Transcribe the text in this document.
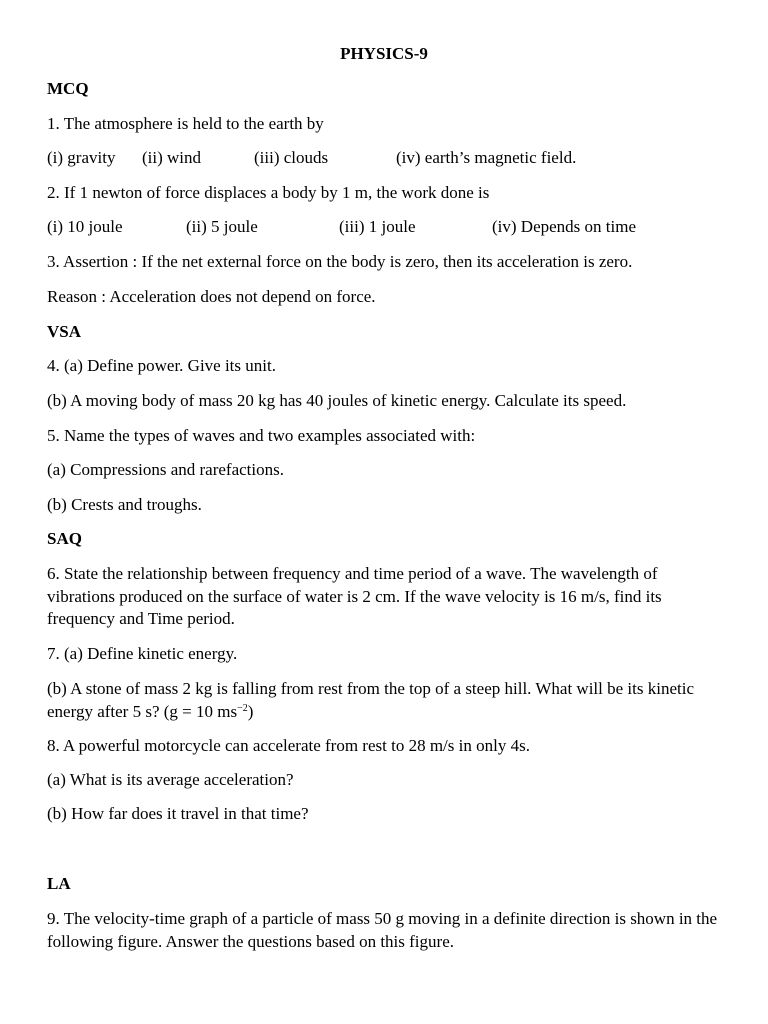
PHYSICS-9
MCQ
1. The atmosphere is held to the earth by
(i) gravity (ii) wind	(iii) clouds	(iv) earth’s magnetic field.
2. If 1 newton of force displaces a body by 1 m, the work done is
(i) 10 joule	(ii) 5 joule	(iii) 1 joule	(iv) Depends on time
3. Assertion : If the net external force on the body is zero, then its acceleration is zero.
Reason : Acceleration does not depend on force.
VSA
4. (a) Define power. Give its unit.
(b) A moving body of mass 20 kg has 40 joules of kinetic energy. Calculate its speed.
5. Name the types of waves and two examples associated with:
(a) Compressions and rarefactions.
(b) Crests and troughs.
SAQ
6. State the relationship between frequency and time period of a wave. The wavelength of vibrations produced on the surface of water is 2 cm. If the wave velocity is 16 m/s, find its frequency and Time period.
7. (a) Define kinetic energy.
(b) A stone of mass 2 kg is falling from rest from the top of a steep hill. What will be its kinetic energy after 5 s? (g = 10 $ms^{-2}$)
8. A powerful motorcycle can accelerate from rest to 28 m/s in only 4s.
(a) What is its average acceleration?
(b) How far does it travel in that time?
LA
9. The velocity-time graph of a particle of mass 50 g moving in a definite direction is shown in the following figure. Answer the questions based on this figure.
